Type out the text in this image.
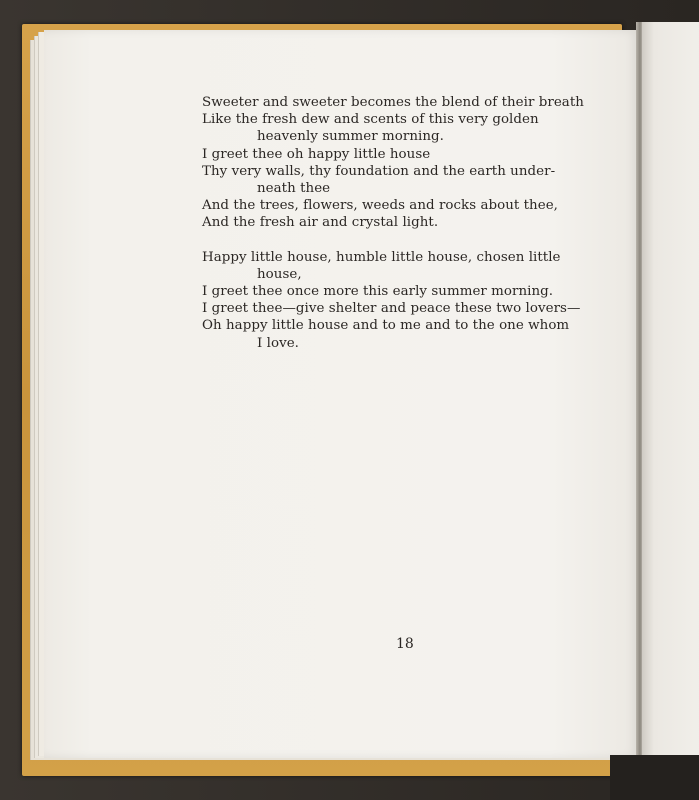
Sweeter and sweeter becomes the blend of their breath
Like the fresh dew and scents of this very golden
heavenly summer morning.
I greet thee oh happy little house
Thy very walls, thy foundation and the earth under-
neath thee
And the trees, flowers, weeds and rocks about thee,
And the fresh air and crystal light.
Happy little house, humble little house, chosen little
house,
I greet thee once more this early summer morning.
I greet thee—give shelter and peace these two lovers—
Oh happy little house and to me and to the one whom
I love.
18
